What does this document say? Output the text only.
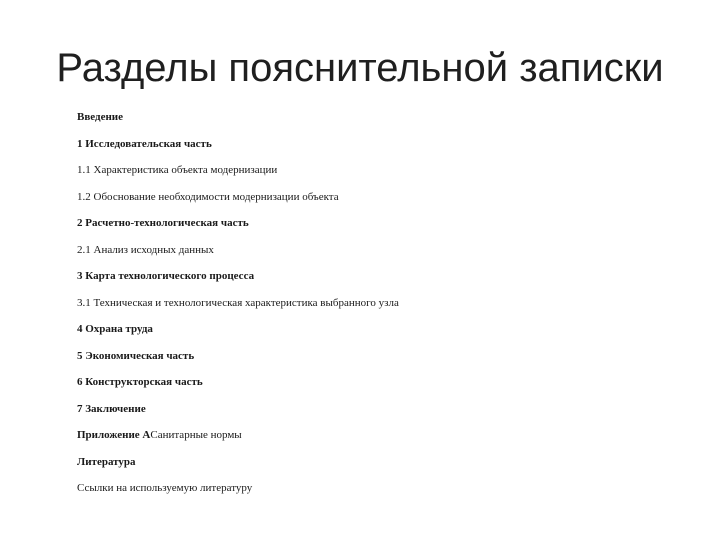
Разделы пояснительной записки
Введение
1 Исследовательская часть
1.1 Характеристика объекта модернизации
1.2 Обоснование необходимости модернизации объекта
2 Расчетно-технологическая часть
2.1 Анализ исходных данных
3 Карта технологического процесса
3.1 Техническая и технологическая характеристика выбранного узла
4 Охрана труда
5 Экономическая часть
6 Конструкторская часть
7 Заключение
Приложение А Санитарные нормы
Литература
Ссылки на используемую литературу
